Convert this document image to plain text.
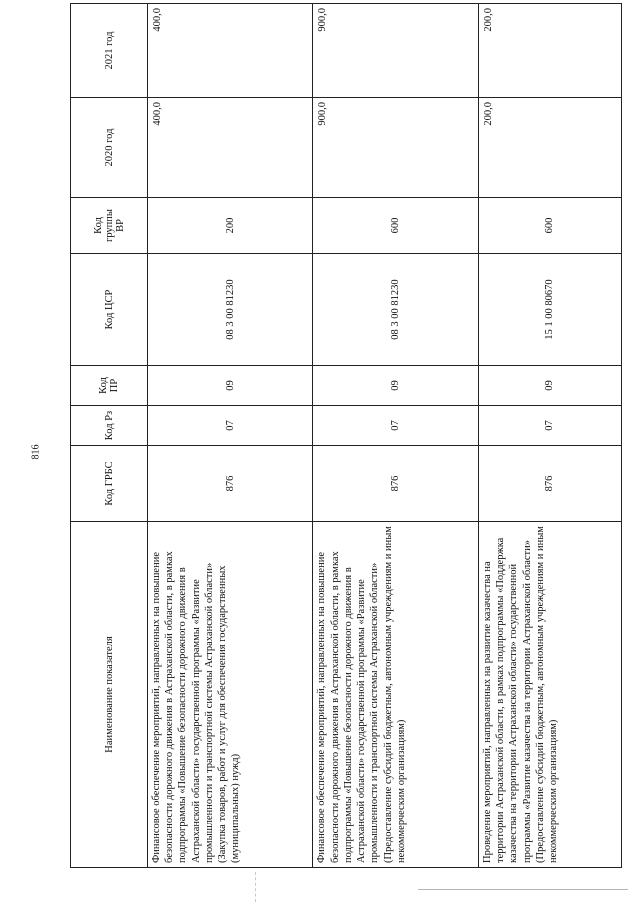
816
Наименование показателя	Код ГРБС	Код Рз	Код ПР	Код ЦСР	Код группы ВР	2020 год	2021 год
Финансовое обеспечение мероприятий, направленных на повышение безопасности дорожного движения в Астраханской области, в рамках подпрограммы «Повышение безопасности дорожного движения в Астраханской области» государственной программы «Развитие промышленности и транспортной системы Астраханской области» (Закупка товаров, работ и услуг для обеспечения государственных (муниципальных) нужд)	876	07	09	08 3 00 81230	200	400,0	400,0
Финансовое обеспечение мероприятий, направленных на повышение безопасности дорожного движения в Астраханской области, в рамках подпрограммы «Повышение безопасности дорожного движения в Астраханской области» государственной программы «Развитие промышленности и транспортной системы Астраханской области» (Предоставление субсидий бюджетным, автономным учреждениям и иным некоммерческим организациям)	876	07	09	08 3 00 81230	600	900,0	900,0
Проведение мероприятий, направленных на развитие казачества на территории Астраханской области, в рамках подпрограммы «Поддержка казачества на территории Астраханской области» государственной программы «Развитие казачества на территории Астраханской области» (Предоставление субсидий бюджетным, автономным учреждениям и иным некоммерческим организациям)	876	07	09	15 1 00 80670	600	200,0	200,0
